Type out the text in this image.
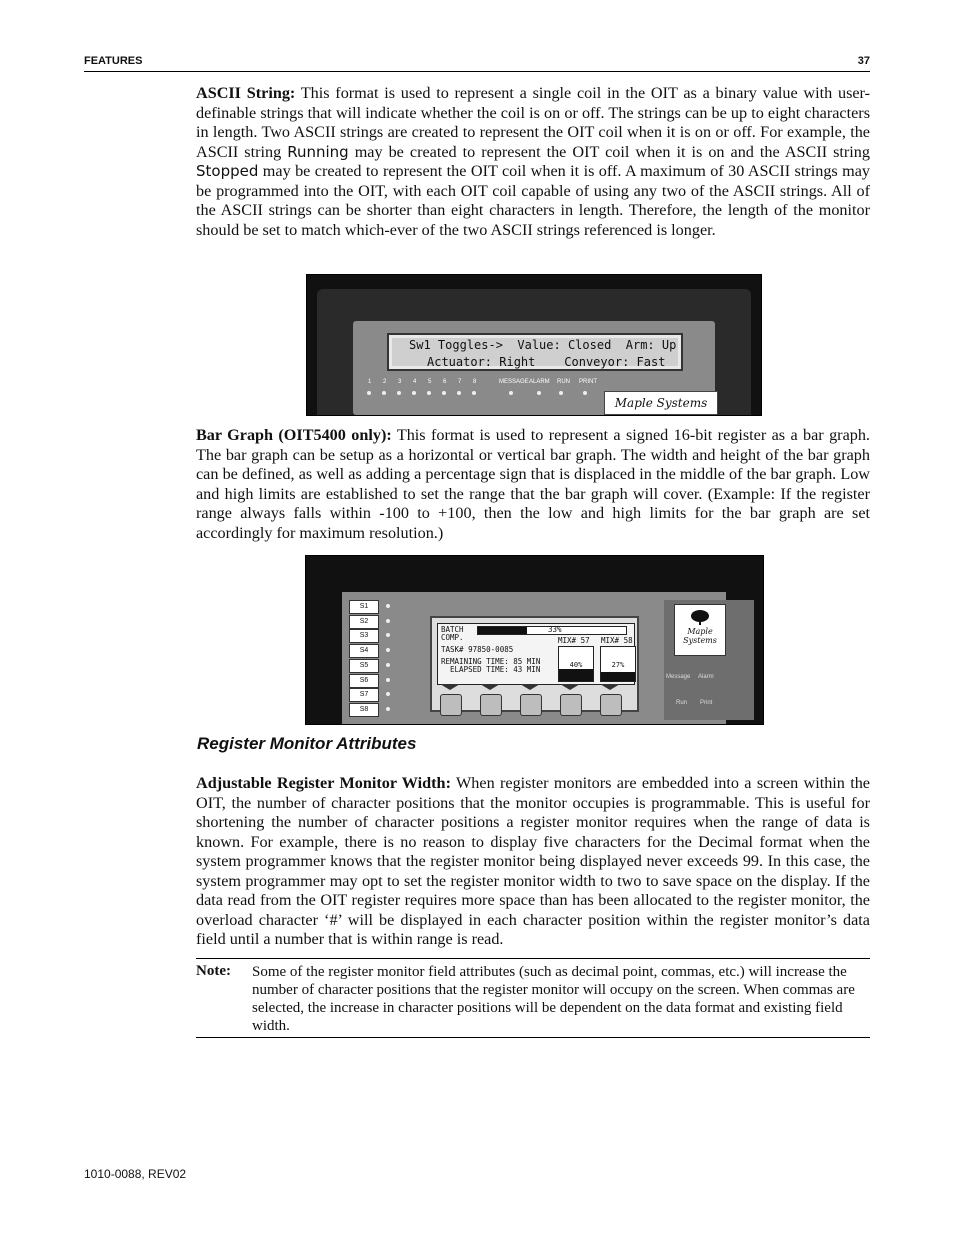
FEATURES	37

ASCII String: This format is used to represent a single coil in the OIT as a binary value with user-definable strings that will indicate whether the coil is on or off. The strings can be up to eight characters in length. Two ASCII strings are created to represent the OIT coil when it is on or off. For example, the ASCII string Running may be created to represent the OIT coil when it is on and the ASCII string Stopped may be created to represent the OIT coil when it is off. A maximum of 30 ASCII strings may be programmed into the OIT, with each OIT coil capable of using any two of the ASCII strings. All of the ASCII strings can be shorter than eight characters in length. Therefore, the length of the monitor should be set to match which-ever of the two ASCII strings referenced is longer.

Sw1 Toggles->  Value: Closed  Arm: Up
Actuator: Right    Conveyor: Fast
1 2 3 4 5 6 7 8	MESSAGE ALARM RUN PRINT
Maple Systems

Bar Graph (OIT5400 only): This format is used to represent a signed 16-bit register as a bar graph. The bar graph can be setup as a horizontal or vertical bar graph. The width and height of the bar graph can be defined, as well as adding a percentage sign that is displaced in the middle of the bar graph. Low and high limits are established to set the range that the bar graph will cover. (Example: If the register range always falls within -100 to +100, then the low and high limits for the bar graph are set accordingly for maximum resolution.)

S1
S2
S3
S4
S5
S6
S7
S8
BATCH
COMP.
33%
TASK# 97850-0085
REMAINING TIME: 85 MIN
ELAPSED TIME: 43 MIN
MIX# 57 MIX# 58
40%	27%
Maple Systems
Message Alarm
Run Print
Register Monitor Attributes

Adjustable Register Monitor Width: When register monitors are embedded into a screen within the OIT, the number of character positions that the monitor occupies is programmable. This is useful for shortening the number of character positions a register monitor requires when the range of data is known. For example, there is no reason to display five characters for the Decimal format when the system programmer knows that the register monitor being displayed never exceeds 99. In this case, the system programmer may opt to set the register monitor width to two to save space on the display. If the data read from the OIT register requires more space than has been allocated to the register monitor, the overload character ‘#’ will be displayed in each character position within the register monitor’s data field until a number that is within range is read.

Note: Some of the register monitor field attributes (such as decimal point, commas, etc.) will increase the number of character positions that the register monitor will occupy on the screen. When commas are selected, the increase in character positions will be dependent on the data format and existing field width.
1010-0088, REV02
